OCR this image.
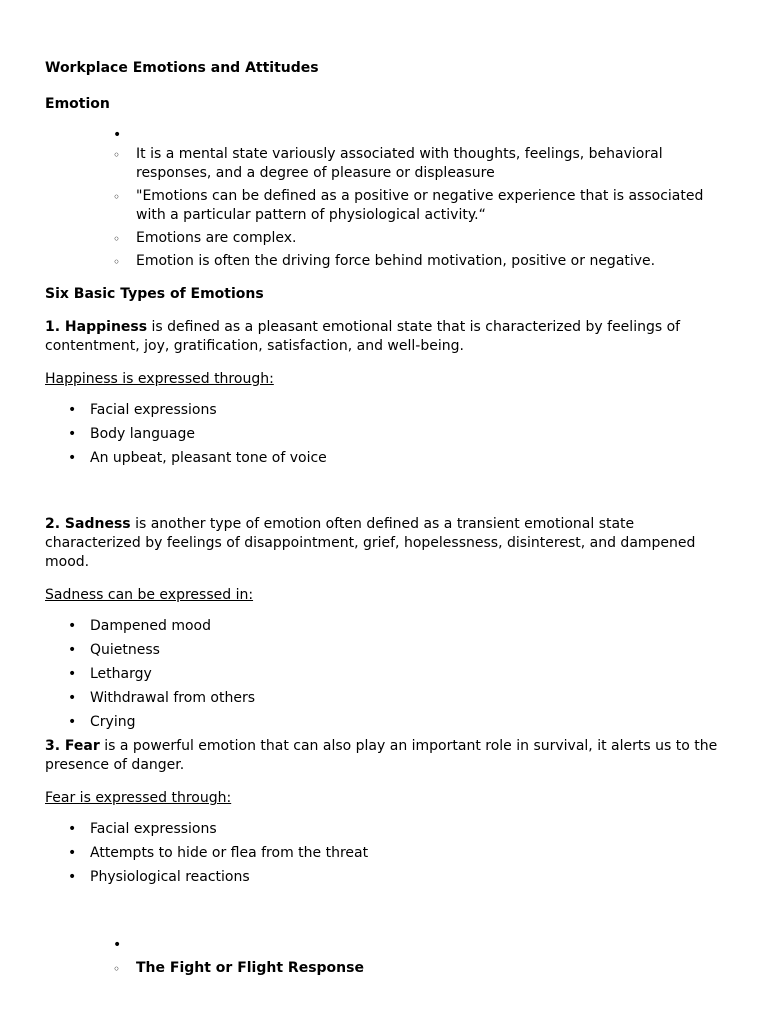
Workplace Emotions and Attitudes

Emotion

•
◦ It is a mental state variously associated with thoughts, feelings, behavioral responses, and a degree of pleasure or displeasure
◦ "Emotions can be defined as a positive or negative experience that is associated with a particular pattern of physiological activity.“
◦ Emotions are complex.
◦ Emotion is often the driving force behind motivation, positive or negative.

Six Basic Types of Emotions

1. Happiness is defined as a pleasant emotional state that is characterized by feelings of contentment, joy, gratification, satisfaction, and well-being.

Happiness is expressed through:

• Facial expressions
• Body language
• An upbeat, pleasant tone of voice

2. Sadness is another type of emotion often defined as a transient emotional state characterized by feelings of disappointment, grief, hopelessness, disinterest, and dampened mood.

Sadness can be expressed in:

• Dampened mood
• Quietness
• Lethargy
• Withdrawal from others
• Crying

3. Fear is a powerful emotion that can also play an important role in survival, it alerts us to the presence of danger.

Fear is expressed through:

• Facial expressions
• Attempts to hide or flea from the threat
• Physiological reactions
•

◦ The Fight or Flight Response
